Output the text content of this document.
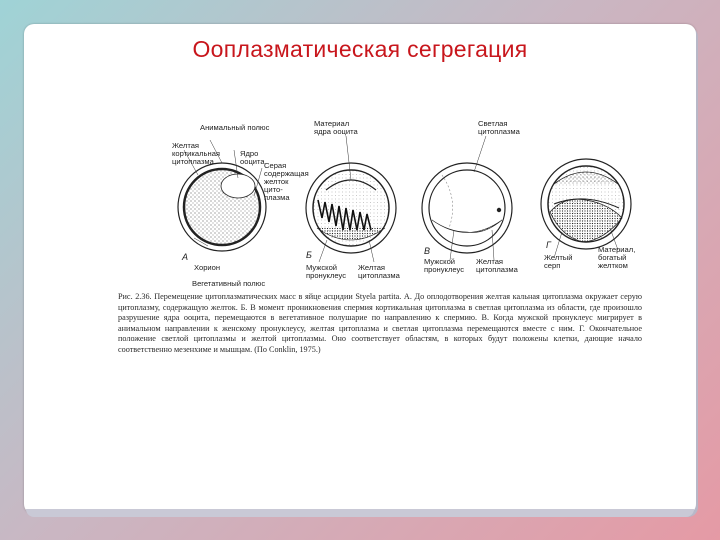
Ооплазматическая сегрегация
Анимальный полюс
Желтая
кортикальная
цитоплазма
Ядро
ооцита Серая
содержащая
желток
цито-
плазма
А
Хорион
Вегетативный полюс
Материал
ядра ооцита
Б
Мужской
пронуклеус
Желтая
цитоплазма
Светлая
цитоплазма
В
Мужской
пронуклеус
Желтая
цитоплазма
Г
Желтый
серп
Материал,
богатый
желтком
Рис. 2.36. Перемещение цитоплазматических масс в яйце асцидии Styela partita. А. До оплодотворения желтая кальная цитоплазма окружает серую цитоплазму, содержащую желток. Б. В момент проникновения спермия кортикальная цитоплазма в светлая цитоплазма из области, где произошло разрушение ядра ооцита, перемещаются в вегетативное полушарие по направлению к спермию. В. Когда мужской пронуклеус мигрирует в анимальном направлении к женскому пронуклеусу, желтая цитоплазма и светлая цитоплазма перемещаются вместе с ним. Г. Окончательное положение светлой цитоплазмы и желтой цитоплазмы. Оно соответствует областям, в которых будут положены клетки, дающие начало соответственно мезенхиме и мышцам. (По Conklin, 1975.)
